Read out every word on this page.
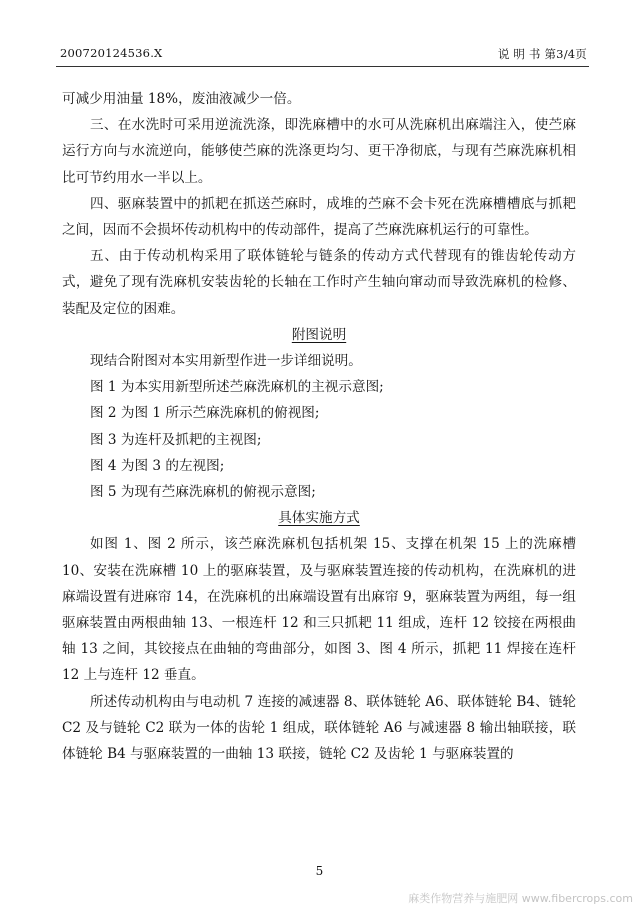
200720124536.X	说 明 书 第3/4页

可减少用油量 18%，废油液减少一倍。

三、在水洗时可采用逆流洗涤，即洗麻槽中的水可从洗麻机出麻端注入，使苎麻运行方向与水流逆向，能够使苎麻的洗涤更均匀、更干净彻底，与现有苎麻洗麻机相比可节约用水一半以上。

四、驱麻装置中的抓耙在抓送苎麻时，成堆的苎麻不会卡死在洗麻槽槽底与抓耙之间，因而不会损坏传动机构中的传动部件，提高了苎麻洗麻机运行的可靠性。

五、由于传动机构采用了联体链轮与链条的传动方式代替现有的锥齿轮传动方式，避免了现有洗麻机安装齿轮的长轴在工作时产生轴向窜动而导致洗麻机的检修、装配及定位的困难。

附图说明

现结合附图对本实用新型作进一步详细说明。

图 1 为本实用新型所述苎麻洗麻机的主视示意图;

图 2 为图 1 所示苎麻洗麻机的俯视图;

图 3 为连杆及抓耙的主视图;

图 4 为图 3 的左视图;

图 5 为现有苎麻洗麻机的俯视示意图;

具体实施方式

如图 1、图 2 所示，该苎麻洗麻机包括机架 15、支撑在机架 15 上的洗麻槽 10、安装在洗麻槽 10 上的驱麻装置，及与驱麻装置连接的传动机构，在洗麻机的进麻端设置有进麻帘 14，在洗麻机的出麻端设置有出麻帘 9，驱麻装置为两组，每一组驱麻装置由两根曲轴 13、一根连杆 12 和三只抓耙 11 组成，连杆 12 铰接在两根曲轴 13 之间，其铰接点在曲轴的弯曲部分，如图 3、图 4 所示，抓耙 11 焊接在连杆 12 上与连杆 12 垂直。

所述传动机构由与电动机 7 连接的减速器 8、联体链轮 A6、联体链轮 B4、链轮 C2 及与链轮 C2 联为一体的齿轮 1 组成，联体链轮 A6 与减速器 8 输出轴联接，联体链轮 B4 与驱麻装置的一曲轴 13 联接，链轮 C2 及齿轮 1 与驱麻装置的

5
麻类作物营养与施肥网 www.fibercrops.com
